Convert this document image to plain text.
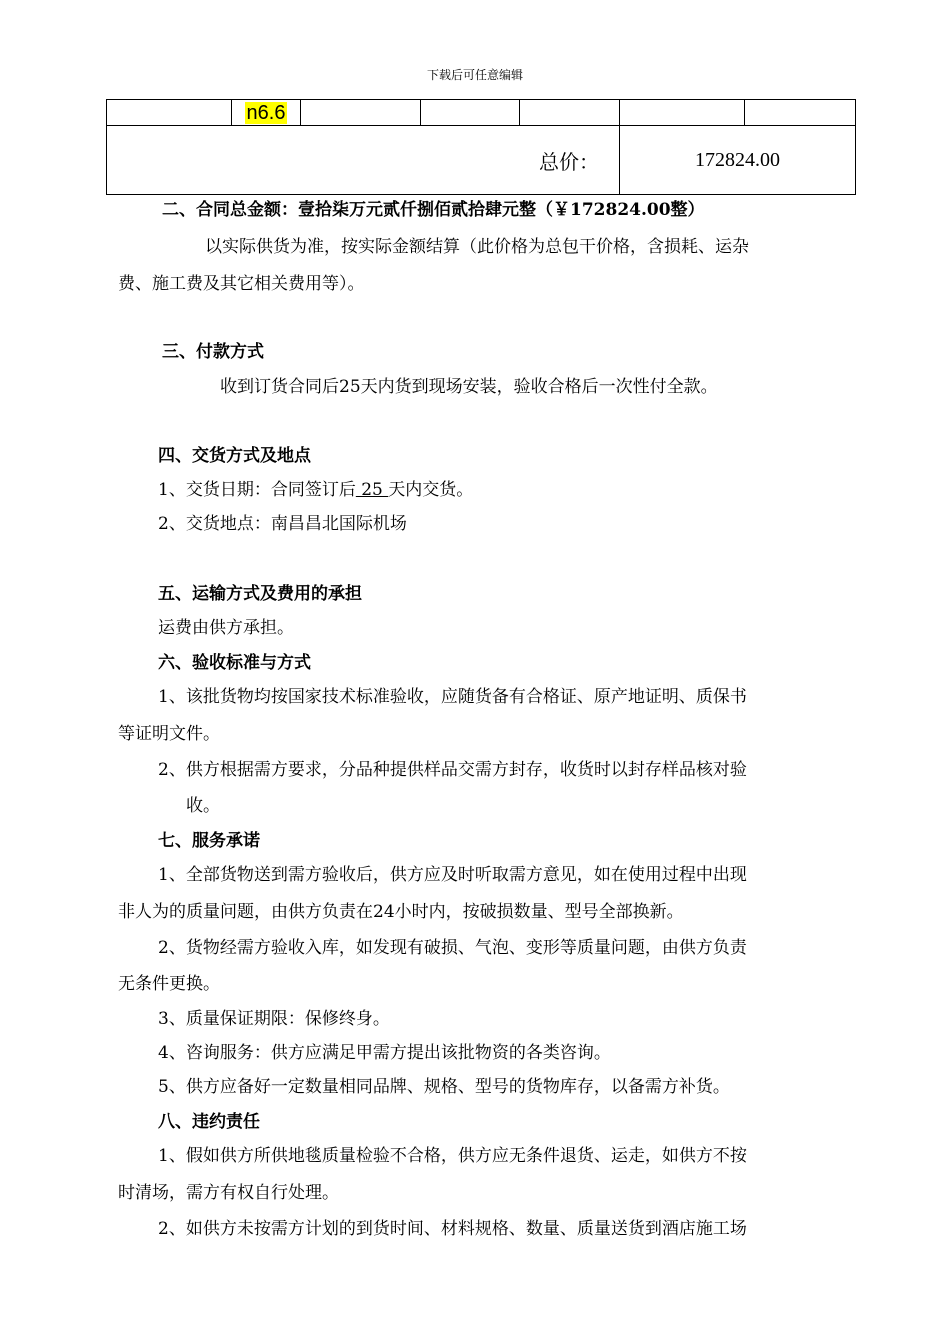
下载后可任意编辑
	n6.6					
总价：					172824.00	
二、合同总金额：壹拾柒万元贰仟捌佰贰拾肆元整（￥172824.00整）
以实际供货为准，按实际金额结算（此价格为总包干价格，含损耗、运杂
费、施工费及其它相关费用等）。
三、付款方式
收到订货合同后25天内货到现场安装，验收合格后一次性付全款。
四、交货方式及地点
1、交货日期：合同签订后 25 天内交货。
2、交货地点：南昌昌北国际机场
五、运输方式及费用的承担
运费由供方承担。
六、验收标准与方式
1、该批货物均按国家技术标准验收，应随货备有合格证、原产地证明、质保书
等证明文件。
2、供方根据需方要求，分品种提供样品交需方封存，收货时以封存样品核对验
收。
七、服务承诺
1、全部货物送到需方验收后，供方应及时听取需方意见，如在使用过程中出现
非人为的质量问题，由供方负责在24小时内，按破损数量、型号全部换新。
2、货物经需方验收入库，如发现有破损、气泡、变形等质量问题，由供方负责
无条件更换。
3、质量保证期限：保修终身。
4、咨询服务：供方应满足甲需方提出该批物资的各类咨询。
5、供方应备好一定数量相同品牌、规格、型号的货物库存，以备需方补货。
八、违约责任
1、假如供方所供地毯质量检验不合格，供方应无条件退货、运走，如供方不按
时清场，需方有权自行处理。
2、如供方未按需方计划的到货时间、材料规格、数量、质量送货到酒店施工场
